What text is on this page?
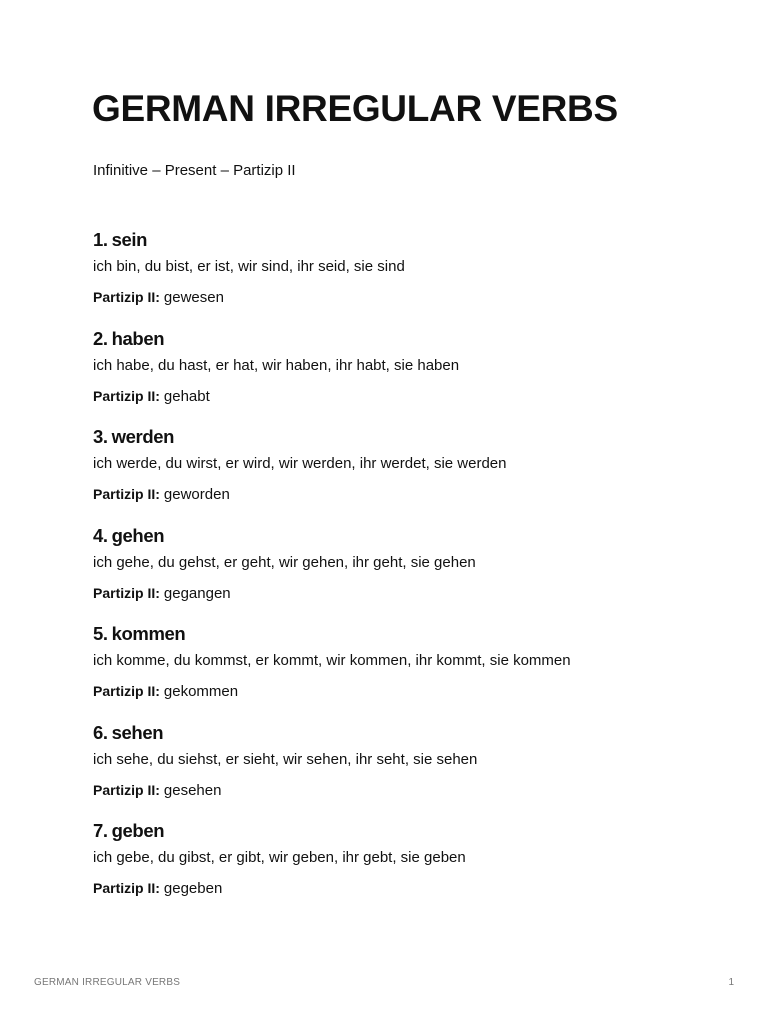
GERMAN IRREGULAR VERBS

Infinitive – Present – Partizip II

1. sein

ich bin, du bist, er ist, wir sind, ihr seid, sie sind

Partizip II: gewesen

2. haben

ich habe, du hast, er hat, wir haben, ihr habt, sie haben

Partizip II: gehabt

3. werden

ich werde, du wirst, er wird, wir werden, ihr werdet, sie werden

Partizip II: geworden

4. gehen

ich gehe, du gehst, er geht, wir gehen, ihr geht, sie gehen

Partizip II: gegangen

5. kommen

ich komme, du kommst, er kommt, wir kommen, ihr kommt, sie kommen

Partizip II: gekommen

6. sehen

ich sehe, du siehst, er sieht, wir sehen, ihr seht, sie sehen

Partizip II: gesehen

7. geben

ich gebe, du gibst, er gibt, wir geben, ihr gebt, sie geben

Partizip II: gegeben

GERMAN IRREGULAR VERBS	1
